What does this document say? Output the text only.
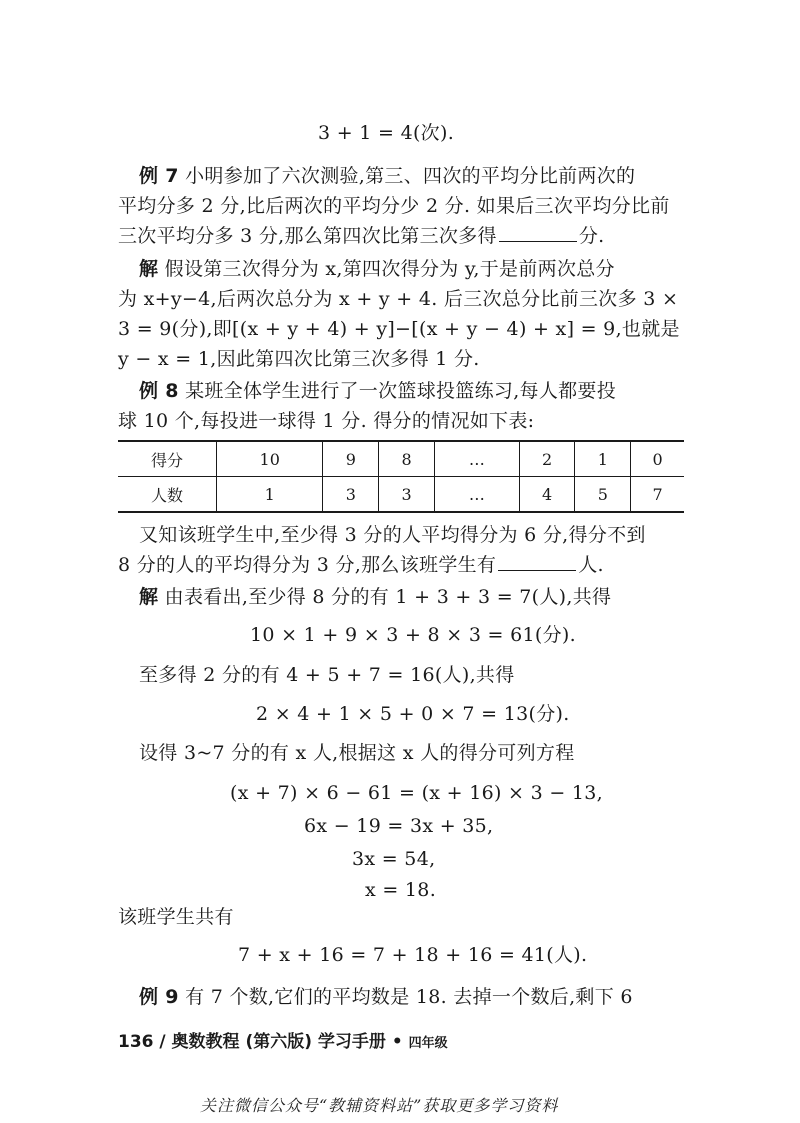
3 + 1 = 4(次).
例 7 小明参加了六次测验,第三、四次的平均分比前两次的
平均分多 2 分,比后两次的平均分少 2 分. 如果后三次平均分比前
三次平均分多 3 分,那么第四次比第三次多得	分.
解 假设第三次得分为 x,第四次得分为 y,于是前两次总分
为 x+y−4,后两次总分为 x + y + 4. 后三次总分比前三次多 3 ×
3 = 9(分),即[(x + y + 4) + y]−[(x + y − 4) + x] = 9,也就是
y − x = 1,因此第四次比第三次多得 1 分.
例 8 某班全体学生进行了一次篮球投篮练习,每人都要投
球 10 个,每投进一球得 1 分. 得分的情况如下表:
得分	10	9	8	…	2	1	0
人数	1	3	3	…	4	5	7
又知该班学生中,至少得 3 分的人平均得分为 6 分,得分不到
8 分的人的平均得分为 3 分,那么该班学生有	人.
解 由表看出,至少得 8 分的有 1 + 3 + 3 = 7(人),共得
10 × 1 + 9 × 3 + 8 × 3 = 61(分).
至多得 2 分的有 4 + 5 + 7 = 16(人),共得
2 × 4 + 1 × 5 + 0 × 7 = 13(分).
设得 3~7 分的有 x 人,根据这 x 人的得分可列方程
(x + 7) × 6 − 61 = (x + 16) × 3 − 13,
6x − 19 = 3x + 35,
3x = 54,
x = 18.
该班学生共有
7 + x + 16 = 7 + 18 + 16 = 41(人).
例 9 有 7 个数,它们的平均数是 18. 去掉一个数后,剩下 6
136 / 奥数教程 (第六版) 学习手册 • 四年级
关注微信公众号“教辅资料站”获取更多学习资料
